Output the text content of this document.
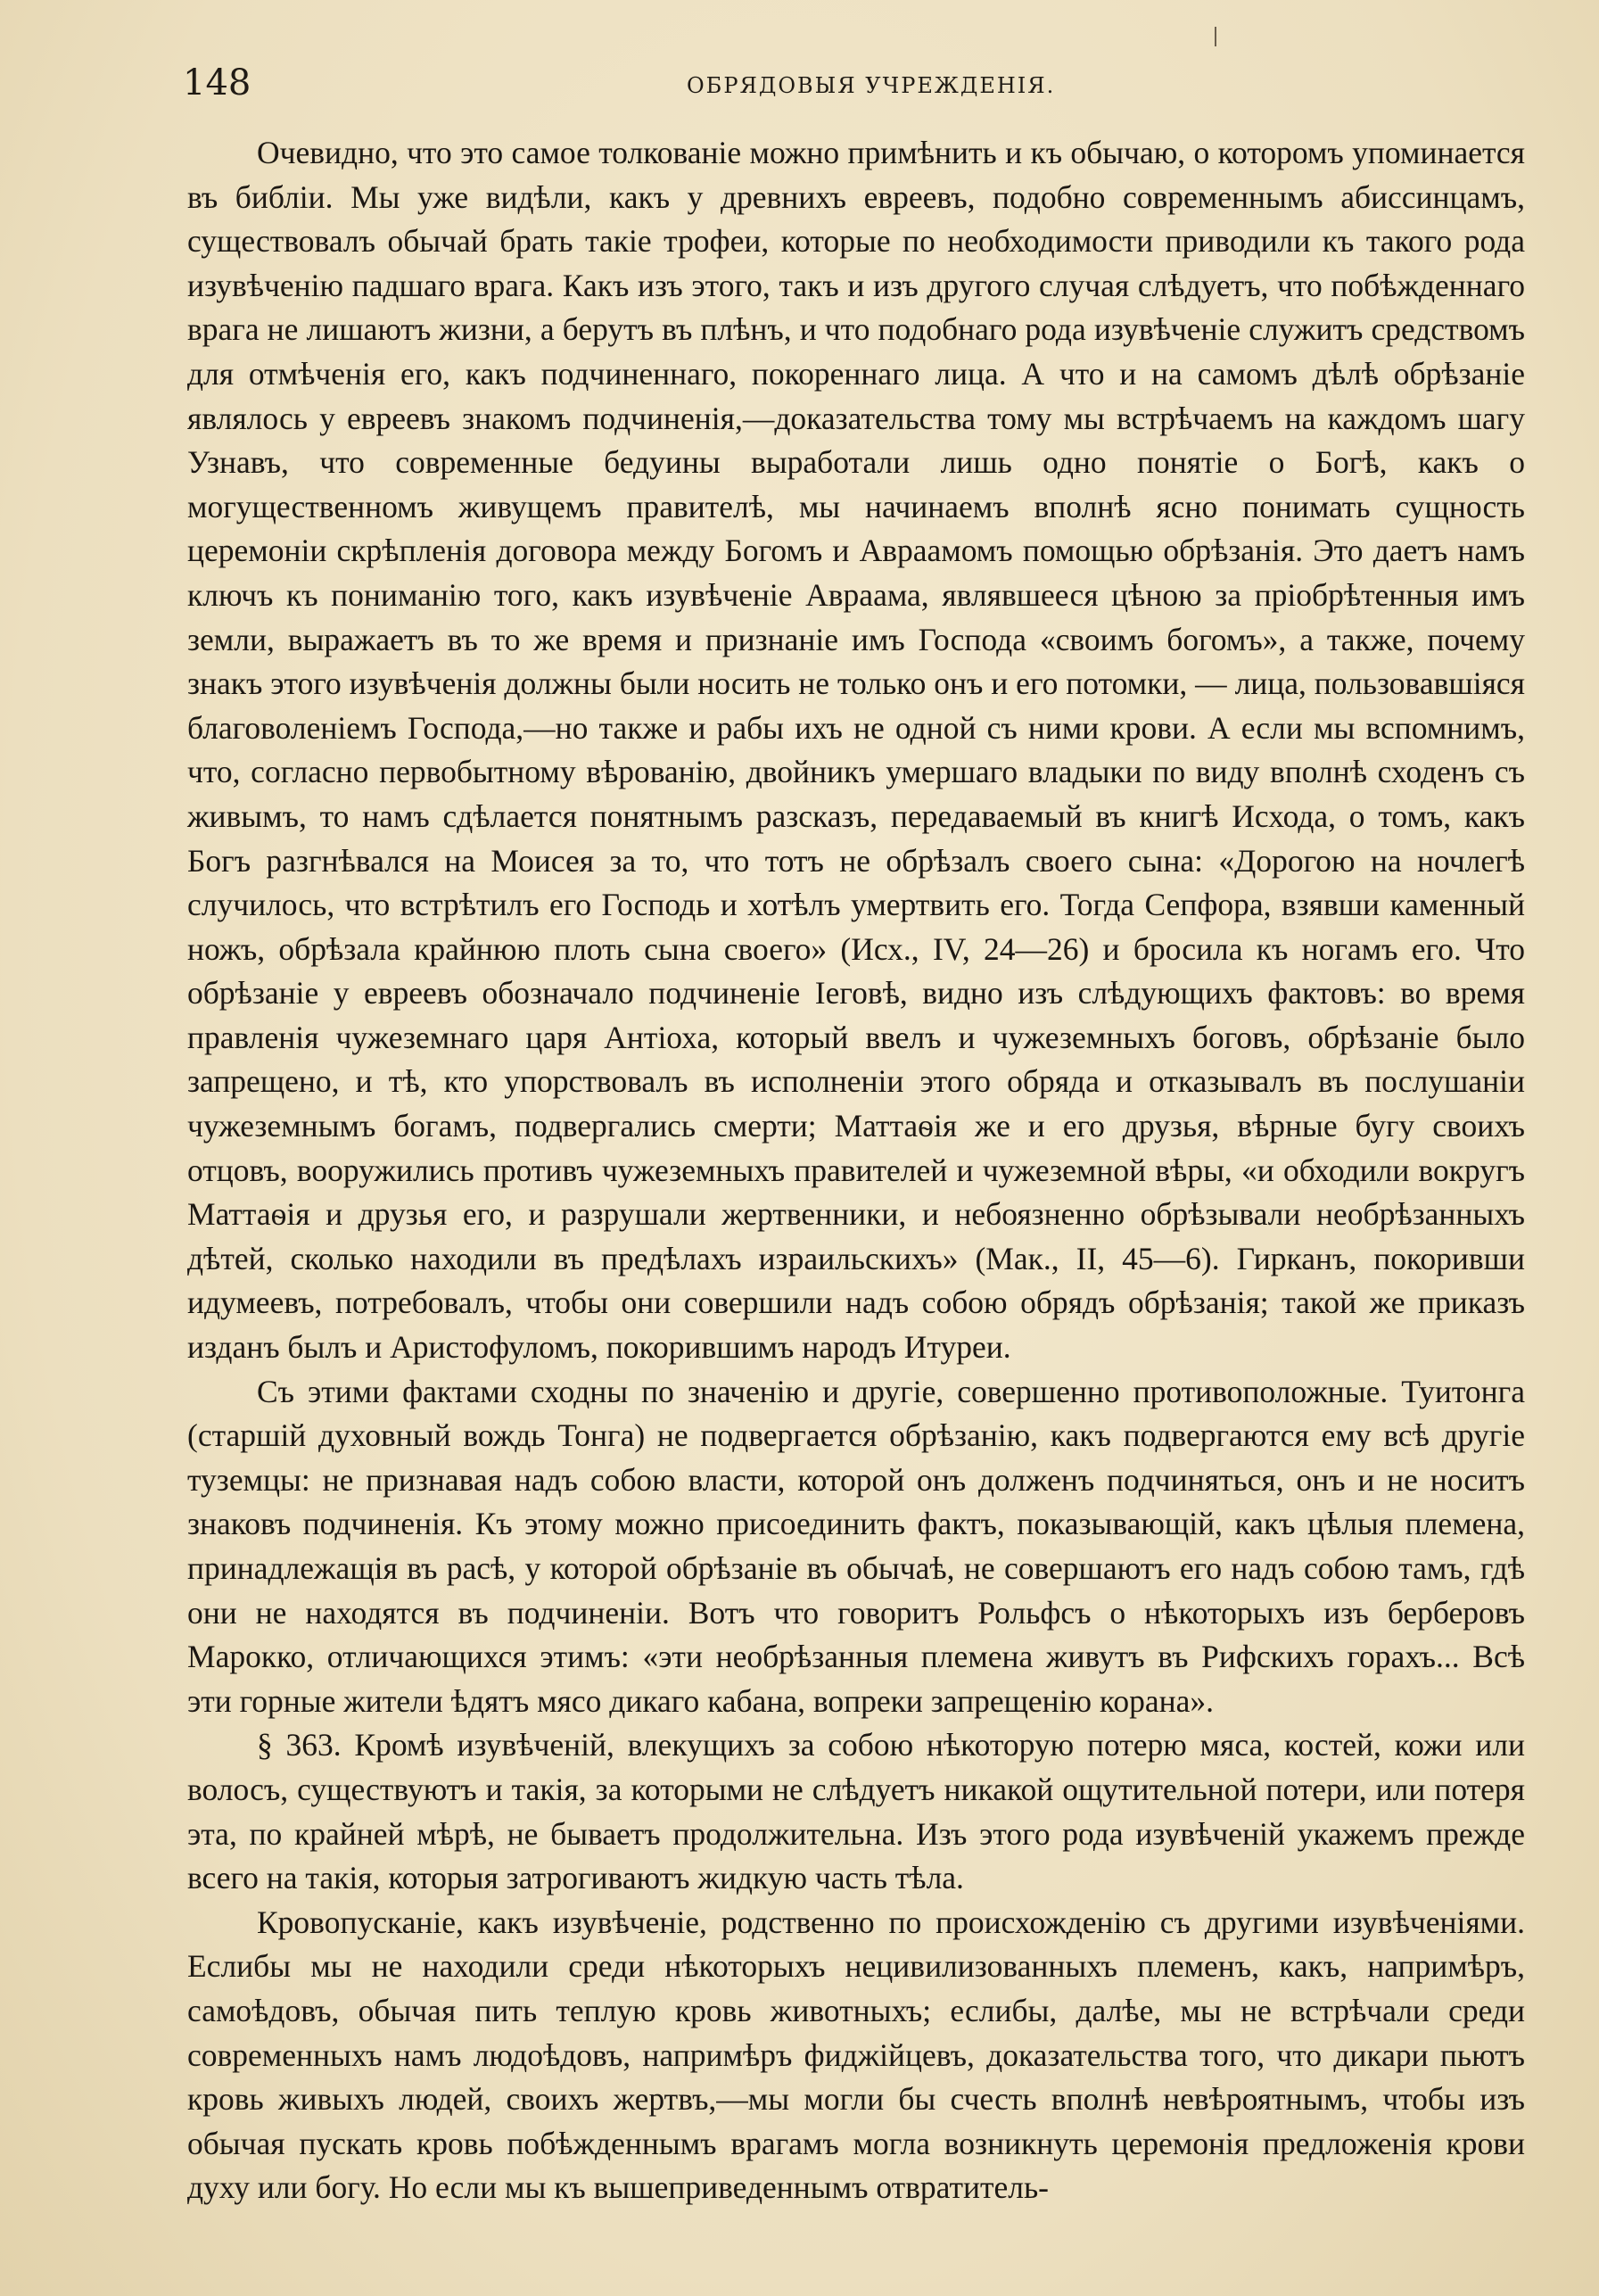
148	ОБРЯДОВЫЯ УЧРЕЖДЕНІЯ.

Очевидно, что это самое толкованіе можно примѣнить и къ обычаю, о которомъ упоминается въ библіи. Мы уже видѣли, какъ у древнихъ евреевъ, подобно современнымъ абиссинцамъ, существовалъ обычай брать такіе трофеи, которые по необходимости приводили къ такого рода изувѣченію падшаго врага. Какъ изъ этого, такъ и изъ другого случая слѣдуетъ, что побѣжденнаго врага не лишаютъ жизни, а берутъ въ плѣнъ, и что подобнаго рода изувѣченіе служитъ средствомъ для отмѣченія его, какъ подчиненнаго, покореннаго лица. А что и на самомъ дѣлѣ обрѣзаніе являлось у евреевъ знакомъ подчиненія,—доказательства тому мы встрѣчаемъ на каждомъ шагу Узнавъ, что современные бедуины выработали лишь одно понятіе о Богѣ, какъ о могущественномъ живущемъ правителѣ, мы начинаемъ вполнѣ ясно понимать сущность церемоніи скрѣпленія договора между Богомъ и Авраамомъ помощью обрѣзанія. Это даетъ намъ ключъ къ пониманію того, какъ изувѣченіе Авраама, являвшееся цѣною за пріобрѣтенныя имъ земли, выражаетъ въ то же время и признаніе имъ Господа «своимъ богомъ», а также, почему знакъ этого изувѣченія должны были носить не только онъ и его потомки, — лица, пользовавшіяся благоволеніемъ Господа,—но также и рабы ихъ не одной съ ними крови. А если мы вспомнимъ, что, согласно первобытному вѣрованію, двойникъ умершаго владыки по виду вполнѣ сходенъ съ живымъ, то намъ сдѣлается понятнымъ разсказъ, передаваемый въ книгѣ Исхода, о томъ, какъ Богъ разгнѣвался на Моисея за то, что тотъ не обрѣзалъ своего сына: «Дорогою на ночлегѣ случилось, что встрѣтилъ его Господь и хотѣлъ умертвить его. Тогда Сепфора, взявши каменный ножъ, обрѣзала крайнюю плоть сына своего» (Исх., IV, 24—26) и бросила къ ногамъ его. Что обрѣзаніе у евреевъ обозначало подчиненіе Іеговѣ, видно изъ слѣдующихъ фактовъ: во время правленія чужеземнаго царя Антіоха, который ввелъ и чужеземныхъ боговъ, обрѣзаніе было запрещено, и тѣ, кто упорствовалъ въ исполненіи этого обряда и отказывалъ въ послушаніи чужеземнымъ богамъ, подвергались смерти; Маттаѳія же и его друзья, вѣрные бугу своихъ отцовъ, вооружились противъ чужеземныхъ правителей и чужеземной вѣры, «и обходили вокругъ Маттаѳія и друзья его, и разрушали жертвенники, и небоязненно обрѣзывали необрѣзанныхъ дѣтей, сколько находили въ предѣлахъ израильскихъ» (Мак., II, 45—6). Гирканъ, покоривши идумеевъ, потребовалъ, чтобы они совершили надъ собою обрядъ обрѣзанія; такой же приказъ изданъ былъ и Аристофуломъ, покорившимъ народъ Итуреи.

Съ этими фактами сходны по значенію и другіе, совершенно противоположные. Туитонга (старшій духовный вождь Тонга) не подвергается обрѣзанію, какъ подвергаются ему всѣ другіе туземцы: не признавая надъ собою власти, которой онъ долженъ подчиняться, онъ и не носитъ знаковъ подчиненія. Къ этому можно присоединить фактъ, показывающій, какъ цѣлыя племена, принадлежащія въ расѣ, у которой обрѣзаніе въ обычаѣ, не совершаютъ его надъ собою тамъ, гдѣ они не находятся въ подчиненіи. Вотъ что говоритъ Рольфсъ о нѣкоторыхъ изъ берберовъ Марокко, отличающихся этимъ: «эти необрѣзанныя племена живутъ въ Рифскихъ горахъ... Всѣ эти горные жители ѣдятъ мясо дикаго кабана, вопреки запрещенію корана».

§ 363. Кромѣ изувѣченій, влекущихъ за собою нѣкоторую потерю мяса, костей, кожи или волосъ, существуютъ и такія, за которыми не слѣдуетъ никакой ощутительной потери, или потеря эта, по крайней мѣрѣ, не бываетъ продолжительна. Изъ этого рода изувѣченій укажемъ прежде всего на такія, которыя затрогиваютъ жидкую часть тѣла.

Кровопусканіе, какъ изувѣченіе, родственно по происхожденію съ другими изувѣченіями. Еслибы мы не находили среди нѣкоторыхъ нецивилизованныхъ племенъ, какъ, напримѣръ, самоѣдовъ, обычая пить теплую кровь животныхъ; еслибы, далѣе, мы не встрѣчали среди современныхъ намъ людоѣдовъ, напримѣръ фиджійцевъ, доказательства того, что дикари пьютъ кровь живыхъ людей, своихъ жертвъ,—мы могли бы счесть вполнѣ невѣроятнымъ, чтобы изъ обычая пускать кровь побѣжденнымъ врагамъ могла возникнуть церемонія предложенія крови духу или богу. Но если мы къ вышеприведеннымъ отвратитель-
